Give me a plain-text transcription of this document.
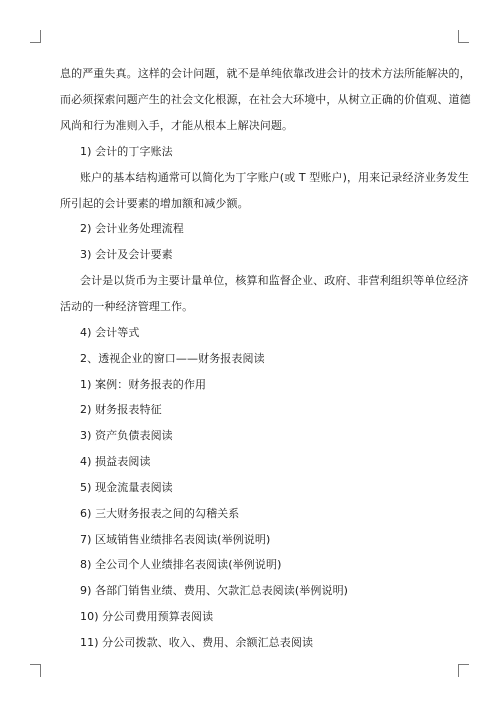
息的严重失真。这样的会计问题，就不是单纯依靠改进会计的技术方法所能解决的，
而必须探索问题产生的社会文化根源，在社会大环境中，从树立正确的价值观、道德
风尚和行为准则入手，才能从根本上解决问题。
1) 会计的丁字账法
账户的基本结构通常可以简化为丁字账户(或 T 型账户)，用来记录经济业务发生
所引起的会计要素的增加额和减少额。
2) 会计业务处理流程
3) 会计及会计要素
会计是以货币为主要计量单位，核算和监督企业、政府、非营利组织等单位经济
活动的一种经济管理工作。
4) 会计等式
2、透视企业的窗口——财务报表阅读
1) 案例：财务报表的作用
2) 财务报表特征
3) 资产负债表阅读
4) 损益表阅读
5) 现金流量表阅读
6) 三大财务报表之间的勾稽关系
7) 区域销售业绩排名表阅读(举例说明)
8) 全公司个人业绩排名表阅读(举例说明)
9) 各部门销售业绩、费用、欠款汇总表阅读(举例说明)
10) 分公司费用预算表阅读
11) 分公司拨款、收入、费用、余额汇总表阅读
